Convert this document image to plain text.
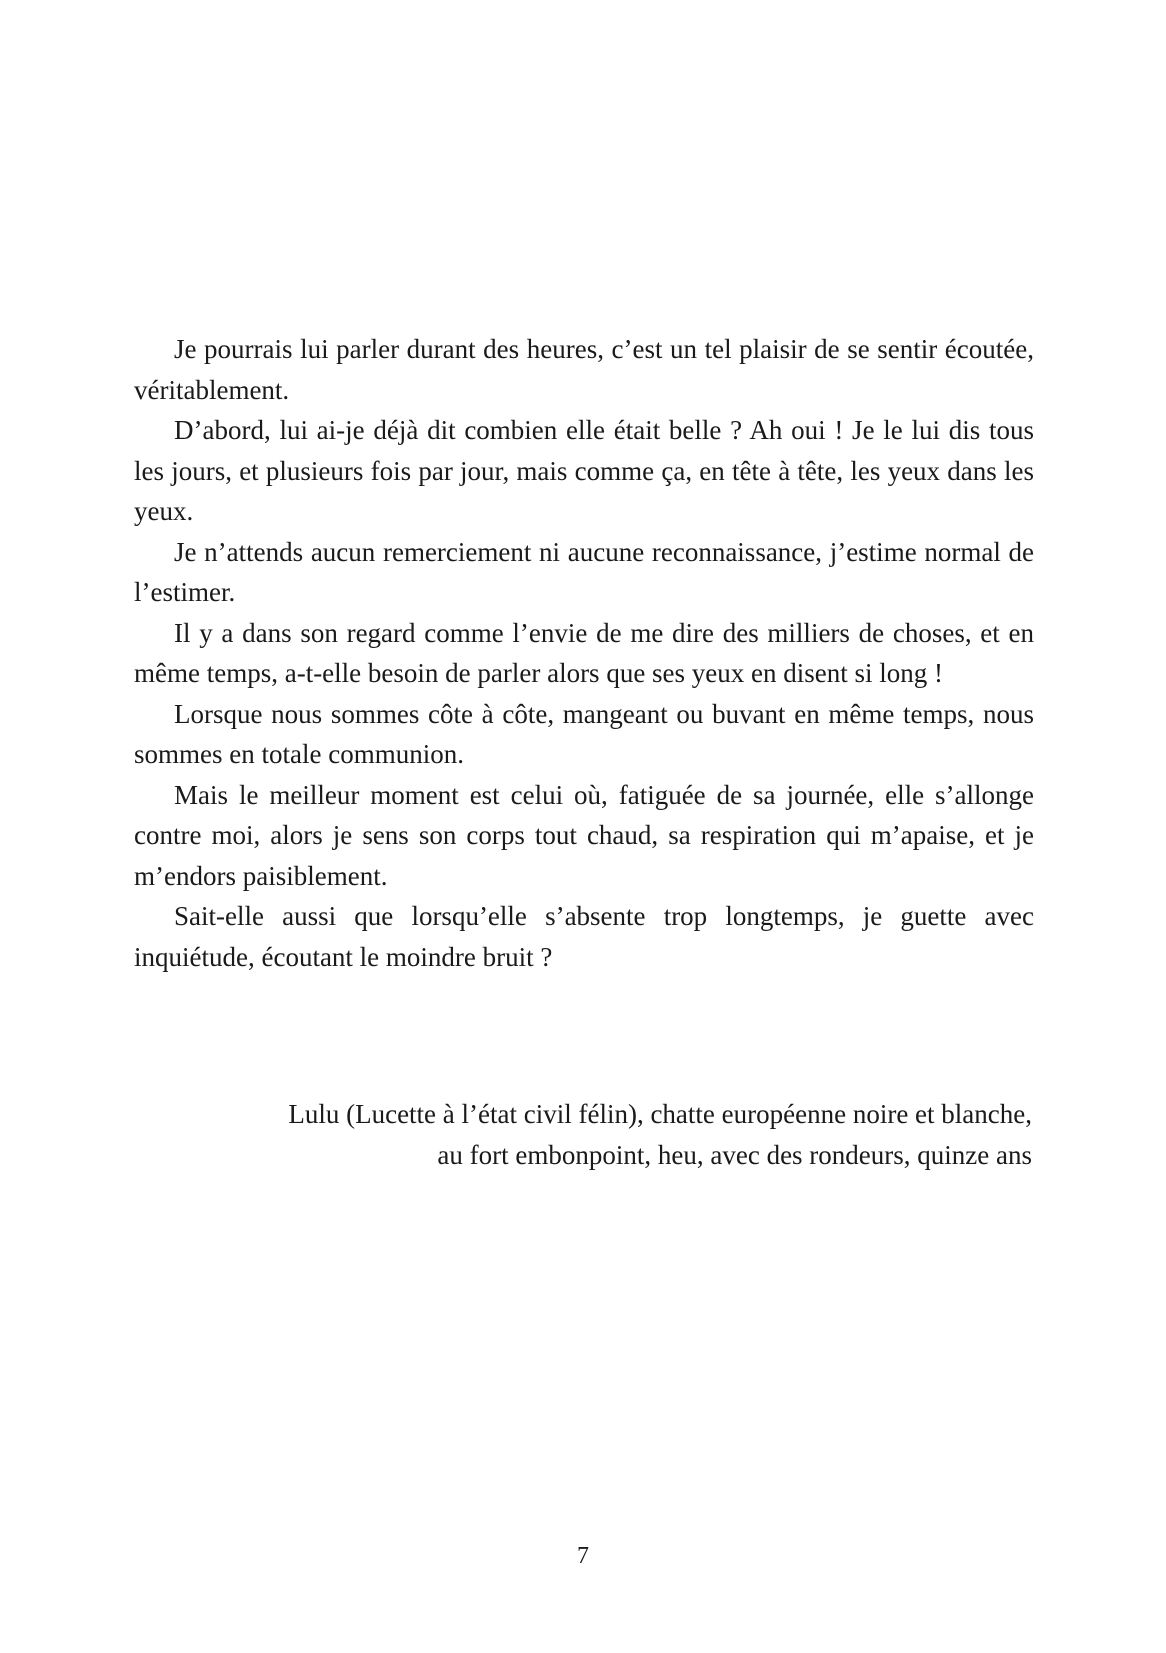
Je pourrais lui parler durant des heures, c’est un tel plaisir de se sentir écoutée, véritablement.

D’abord, lui ai-je déjà dit combien elle était belle ? Ah oui ! Je le lui dis tous les jours, et plusieurs fois par jour, mais comme ça, en tête à tête, les yeux dans les yeux.

Je n’attends aucun remerciement ni aucune reconnaissance, j’estime normal de l’estimer.

Il y a dans son regard comme l’envie de me dire des milliers de choses, et en même temps, a-t-elle besoin de parler alors que ses yeux en disent si long !

Lorsque nous sommes côte à côte, mangeant ou buvant en même temps, nous sommes en totale communion.

Mais le meilleur moment est celui où, fatiguée de sa journée, elle s’allonge contre moi, alors je sens son corps tout chaud, sa respiration qui m’apaise, et je m’endors paisiblement.

Sait-elle aussi que lorsqu’elle s’absente trop longtemps, je guette avec inquiétude, écoutant le moindre bruit ?

Lulu (Lucette à l’état civil félin), chatte européenne noire et blanche,
au fort embonpoint, heu, avec des rondeurs, quinze ans
7
